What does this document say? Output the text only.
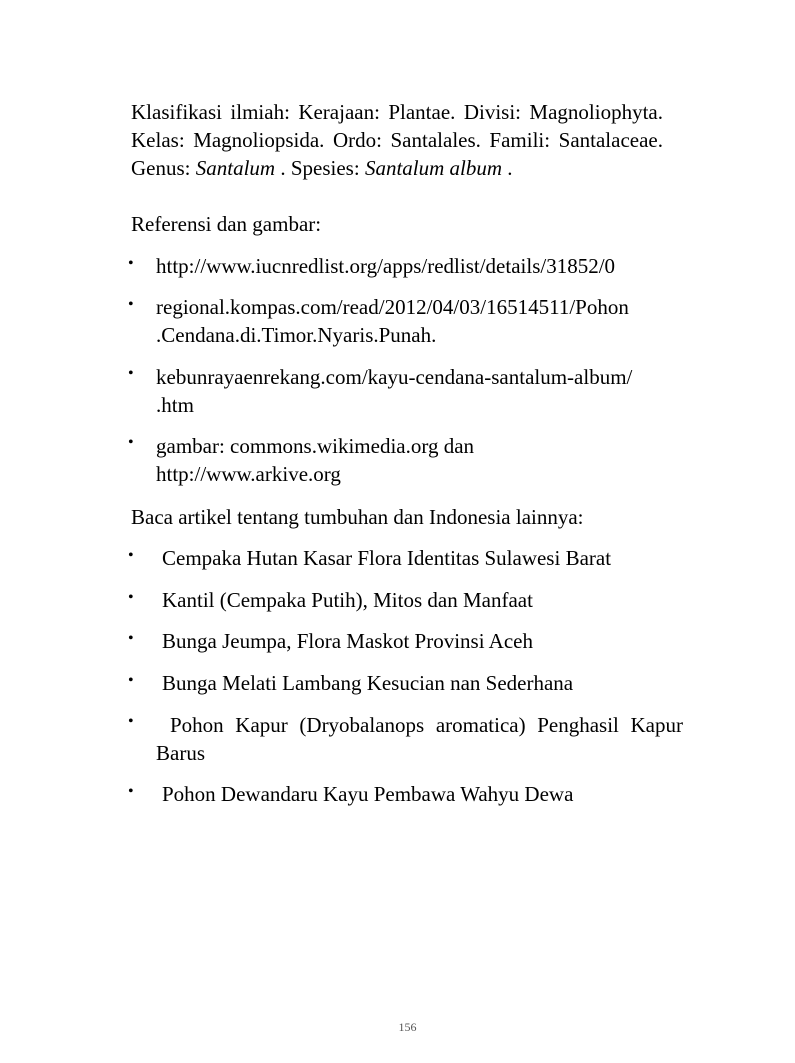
Klasifikasi ilmiah: Kerajaan: Plantae. Divisi: Magnoliophyta. Kelas: Magnoliopsida. Ordo: Santalales. Famili: Santalaceae. Genus: Santalum . Spesies: Santalum album .
Referensi dan gambar:
• http://www.iucnredlist.org/apps/redlist/details/31852/0
• regional.kompas.com/read/2012/04/03/16514511/Pohon
.Cendana.di.Timor.Nyaris.Punah.
• kebunrayaenrekang.com/kayu-cendana-santalum-album/
.htm
• gambar: commons.wikimedia.org dan
http://www.arkive.org
Baca artikel tentang tumbuhan dan Indonesia lainnya:
• Cempaka Hutan Kasar Flora Identitas Sulawesi Barat
• Kantil (Cempaka Putih), Mitos dan Manfaat
• Bunga Jeumpa, Flora Maskot Provinsi Aceh
• Bunga Melati Lambang Kesucian nan Sederhana
•	Pohon Kapur (Dryobalanops aromatica) Penghasil Kapur Barus
• Pohon Dewandaru Kayu Pembawa Wahyu Dewa
156
